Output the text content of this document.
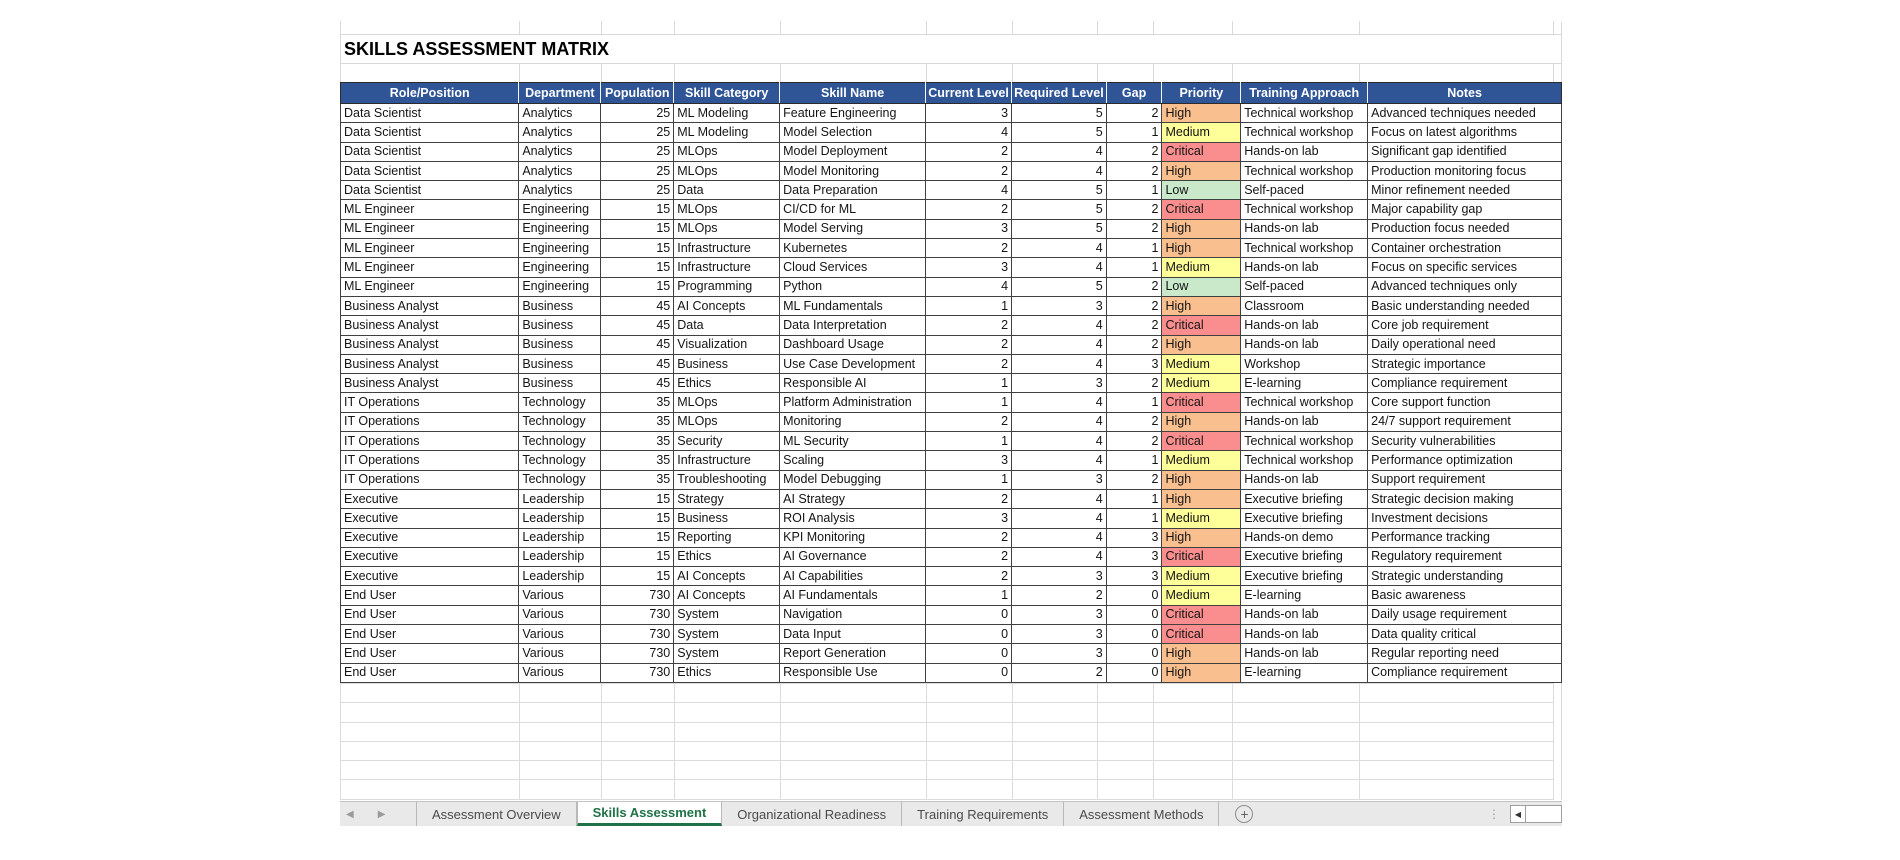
SKILLS ASSESSMENT MATRIX
Role/Position	Department	Population	Skill Category	Skill Name	Current Level	Required Level	Gap	Priority	Training Approach	Notes
Data Scientist	Analytics	25	ML Modeling	Feature Engineering	3	5	2	High	Technical workshop	Advanced techniques needed
Data Scientist	Analytics	25	ML Modeling	Model Selection	4	5	1	Medium	Technical workshop	Focus on latest algorithms
Data Scientist	Analytics	25	MLOps	Model Deployment	2	4	2	Critical	Hands-on lab	Significant gap identified
Data Scientist	Analytics	25	MLOps	Model Monitoring	2	4	2	High	Technical workshop	Production monitoring focus
Data Scientist	Analytics	25	Data	Data Preparation	4	5	1	Low	Self-paced	Minor refinement needed
ML Engineer	Engineering	15	MLOps	CI/CD for ML	2	5	2	Critical	Technical workshop	Major capability gap
ML Engineer	Engineering	15	MLOps	Model Serving	3	5	2	High	Hands-on lab	Production focus needed
ML Engineer	Engineering	15	Infrastructure	Kubernetes	2	4	1	High	Technical workshop	Container orchestration
ML Engineer	Engineering	15	Infrastructure	Cloud Services	3	4	1	Medium	Hands-on lab	Focus on specific services
ML Engineer	Engineering	15	Programming	Python	4	5	2	Low	Self-paced	Advanced techniques only
Business Analyst	Business	45	AI Concepts	ML Fundamentals	1	3	2	High	Classroom	Basic understanding needed
Business Analyst	Business	45	Data	Data Interpretation	2	4	2	Critical	Hands-on lab	Core job requirement
Business Analyst	Business	45	Visualization	Dashboard Usage	2	4	2	High	Hands-on lab	Daily operational need
Business Analyst	Business	45	Business	Use Case Development	2	4	3	Medium	Workshop	Strategic importance
Business Analyst	Business	45	Ethics	Responsible AI	1	3	2	Medium	E-learning	Compliance requirement
IT Operations	Technology	35	MLOps	Platform Administration	1	4	1	Critical	Technical workshop	Core support function
IT Operations	Technology	35	MLOps	Monitoring	2	4	2	High	Hands-on lab	24/7 support requirement
IT Operations	Technology	35	Security	ML Security	1	4	2	Critical	Technical workshop	Security vulnerabilities
IT Operations	Technology	35	Infrastructure	Scaling	3	4	1	Medium	Technical workshop	Performance optimization
IT Operations	Technology	35	Troubleshooting	Model Debugging	1	3	2	High	Hands-on lab	Support requirement
Executive	Leadership	15	Strategy	AI Strategy	2	4	1	High	Executive briefing	Strategic decision making
Executive	Leadership	15	Business	ROI Analysis	3	4	1	Medium	Executive briefing	Investment decisions
Executive	Leadership	15	Reporting	KPI Monitoring	2	4	3	High	Hands-on demo	Performance tracking
Executive	Leadership	15	Ethics	AI Governance	2	4	3	Critical	Executive briefing	Regulatory requirement
Executive	Leadership	15	AI Concepts	AI Capabilities	2	3	3	Medium	Executive briefing	Strategic understanding
End User	Various	730	AI Concepts	AI Fundamentals	1	2	0	Medium	E-learning	Basic awareness
End User	Various	730	System	Navigation	0	3	0	Critical	Hands-on lab	Daily usage requirement
End User	Various	730	System	Data Input	0	3	0	Critical	Hands-on lab	Data quality critical
End User	Various	730	System	Report Generation	0	3	0	High	Hands-on lab	Regular reporting need
End User	Various	730	Ethics	Responsible Use	0	2	0	High	E-learning	Compliance requirement

◀ ▶	Assessment Overview	Skills Assessment	Organizational Readiness	Training Requirements	Assessment Methods	+	⋮	◀
